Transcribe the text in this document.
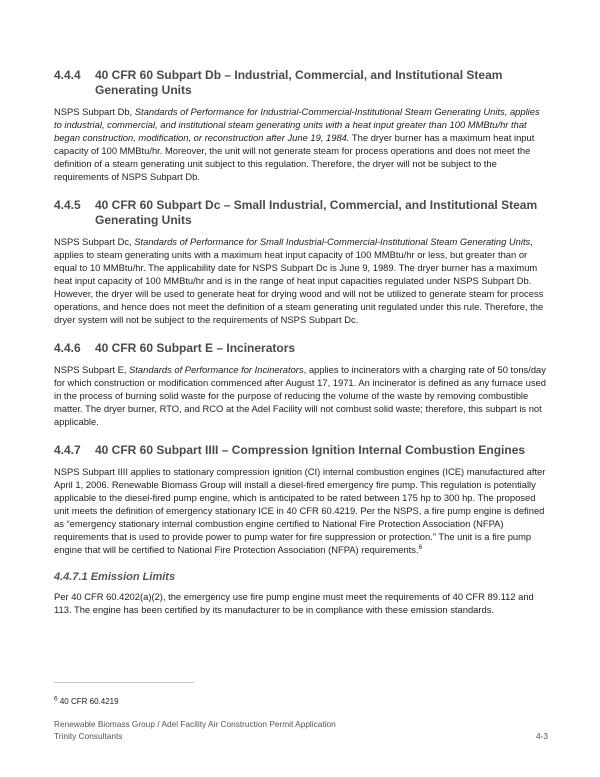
4.4.4	40 CFR 60 Subpart Db – Industrial, Commercial, and Institutional Steam Generating Units

NSPS Subpart Db, Standards of Performance for Industrial-Commercial-Institutional Steam Generating Units, applies to industrial, commercial, and institutional steam generating units with a heat input greater than 100 MMBtu/hr that began construction, modification, or reconstruction after June 19, 1984. The dryer burner has a maximum heat input capacity of 100 MMBtu/hr. Moreover, the unit will not generate steam for process operations and does not meet the definition of a steam generating unit subject to this regulation. Therefore, the dryer will not be subject to the requirements of NSPS Subpart Db.

4.4.5	40 CFR 60 Subpart Dc – Small Industrial, Commercial, and Institutional Steam Generating Units

NSPS Subpart Dc, Standards of Performance for Small Industrial-Commercial-Institutional Steam Generating Units, applies to steam generating units with a maximum heat input capacity of 100 MMBtu/hr or less, but greater than or equal to 10 MMBtu/hr. The applicability date for NSPS Subpart Dc is June 9, 1989. The dryer burner has a maximum heat input capacity of 100 MMBtu/hr and is in the range of heat input capacities regulated under NSPS Subpart Db. However, the dryer will be used to generate heat for drying wood and will not be utilized to generate steam for process operations, and hence does not meet the definition of a steam generating unit regulated under this rule. Therefore, the dryer system will not be subject to the requirements of NSPS Subpart Dc.

4.4.6	40 CFR 60 Subpart E – Incinerators

NSPS Subpart E, Standards of Performance for Incinerators, applies to incinerators with a charging rate of 50 tons/day for which construction or modification commenced after August 17, 1971. An incinerator is defined as any furnace used in the process of burning solid waste for the purpose of reducing the volume of the waste by removing combustible matter. The dryer burner, RTO, and RCO at the Adel Facility will not combust solid waste; therefore, this subpart is not applicable.

4.4.7	40 CFR 60 Subpart IIII – Compression Ignition Internal Combustion Engines

NSPS Subpart IIII applies to stationary compression ignition (CI) internal combustion engines (ICE) manufactured after April 1, 2006. Renewable Biomass Group will install a diesel-fired emergency fire pump. This regulation is potentially applicable to the diesel-fired pump engine, which is anticipated to be rated between 175 hp to 300 hp. The proposed unit meets the definition of emergency stationary ICE in 40 CFR 60.4219. Per the NSPS, a fire pump engine is defined as “emergency stationary internal combustion engine certified to National Fire Protection Association (NFPA) requirements that is used to provide power to pump water for fire suppression or protection.” The unit is a fire pump engine that will be certified to National Fire Protection Association (NFPA) requirements.$^6$

4.4.7.1 Emission Limits

Per 40 CFR 60.4202(a)(2), the emergency use fire pump engine must meet the requirements of 40 CFR 89.112 and 113. The engine has been certified by its manufacturer to be in compliance with these emission standards.

$^6$ 40 CFR 60.4219
Renewable Biomass Group / Adel Facility Air Construction Permit Application
Trinity Consultants	4-3
